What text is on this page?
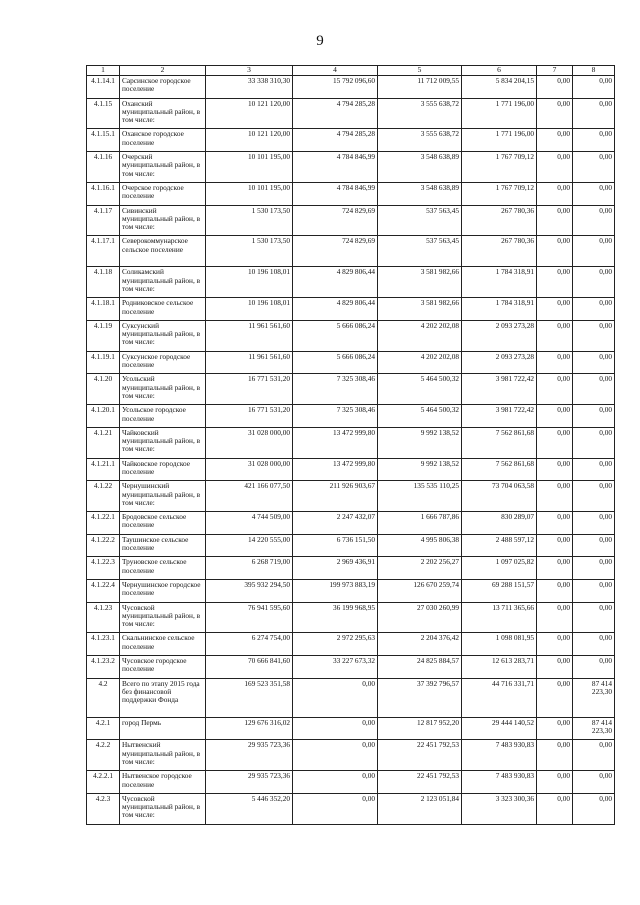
9
1	2	3	4	5	6	7	8
4.1.14.1	Сарсинское городское поселение	33 338 310,30	15 792 096,60	11 712 009,55	5 834 204,15	0,00	0,00
4.1.15	Оханский муниципальный район, в том числе:	10 121 120,00	4 794 285,28	3 555 638,72	1 771 196,00	0,00	0,00
4.1.15.1	Оханское городское поселение	10 121 120,00	4 794 285,28	3 555 638,72	1 771 196,00	0,00	0,00
4.1.16	Очерский муниципальный район, в том числе:	10 101 195,00	4 784 846,99	3 548 638,89	1 767 709,12	0,00	0,00
4.1.16.1	Очерское городское поселение	10 101 195,00	4 784 846,99	3 548 638,89	1 767 709,12	0,00	0,00
4.1.17	Сивинский муниципальный район, в том числе:	1 530 173,50	724 829,69	537 563,45	267 780,36	0,00	0,00
4.1.17.1	Северокоммунарское сельское поселение	1 530 173,50	724 829,69	537 563,45	267 780,36	0,00	0,00
4.1.18	Соликамский муниципальный район, в том числе:	10 196 108,01	4 829 806,44	3 581 982,66	1 784 318,91	0,00	0,00
4.1.18.1	Родниковское сельское поселение	10 196 108,01	4 829 806,44	3 581 982,66	1 784 318,91	0,00	0,00
4.1.19	Суксунский муниципальный район, в том числе:	11 961 561,60	5 666 086,24	4 202 202,08	2 093 273,28	0,00	0,00
4.1.19.1	Суксунское городское поселение	11 961 561,60	5 666 086,24	4 202 202,08	2 093 273,28	0,00	0,00
4.1.20	Усольский муниципальный район, в том числе:	16 771 531,20	7 325 308,46	5 464 500,32	3 981 722,42	0,00	0,00
4.1.20.1	Усольское городское поселение	16 771 531,20	7 325 308,46	5 464 500,32	3 981 722,42	0,00	0,00
4.1.21	Чайковский муниципальный район, в том числе:	31 028 000,00	13 472 999,80	9 992 138,52	7 562 861,68	0,00	0,00
4.1.21.1	Чайковское городское поселение	31 028 000,00	13 472 999,80	9 992 138,52	7 562 861,68	0,00	0,00
4.1.22	Чернушинский муниципальный район, в том числе:	421 166 077,50	211 926 903,67	135 535 110,25	73 704 063,58	0,00	0,00
4.1.22.1	Бродовское сельское поселение	4 744 509,00	2 247 432,07	1 666 787,86	830 289,07	0,00	0,00
4.1.22.2	Таушинское сельское поселение	14 220 555,00	6 736 151,50	4 995 806,38	2 488 597,12	0,00	0,00
4.1.22.3	Труновское сельское поселение	6 268 719,00	2 969 436,91	2 202 256,27	1 097 025,82	0,00	0,00
4.1.22.4	Чернушинское городское поселение	395 932 294,50	199 973 883,19	126 670 259,74	69 288 151,57	0,00	0,00
4.1.23	Чусовской муниципальный район, в том числе:	76 941 595,60	36 199 968,95	27 030 260,99	13 711 365,66	0,00	0,00
4.1.23.1	Скальнинское сельское поселение	6 274 754,00	2 972 295,63	2 204 376,42	1 098 081,95	0,00	0,00
4.1.23.2	Чусовское городское поселение	70 666 841,60	33 227 673,32	24 825 884,57	12 613 283,71	0,00	0,00
4.2	Всего по этапу 2015 года без финансовой поддержки Фонда	169 523 351,58	0,00	37 392 796,57	44 716 331,71	0,00	87 414 223,30
4.2.1	город Пермь	129 676 316,02	0,00	12 817 952,20	29 444 140,52	0,00	87 414 223,30
4.2.2	Нытвенский муниципальный район, в том числе:	29 935 723,36	0,00	22 451 792,53	7 483 930,83	0,00	0,00
4.2.2.1	Нытвенское городское поселение	29 935 723,36	0,00	22 451 792,53	7 483 930,83	0,00	0,00
4.2.3	Чусовской муниципальный район, в том числе:	5 446 352,20	0,00	2 123 051,84	3 323 300,36	0,00	0,00
